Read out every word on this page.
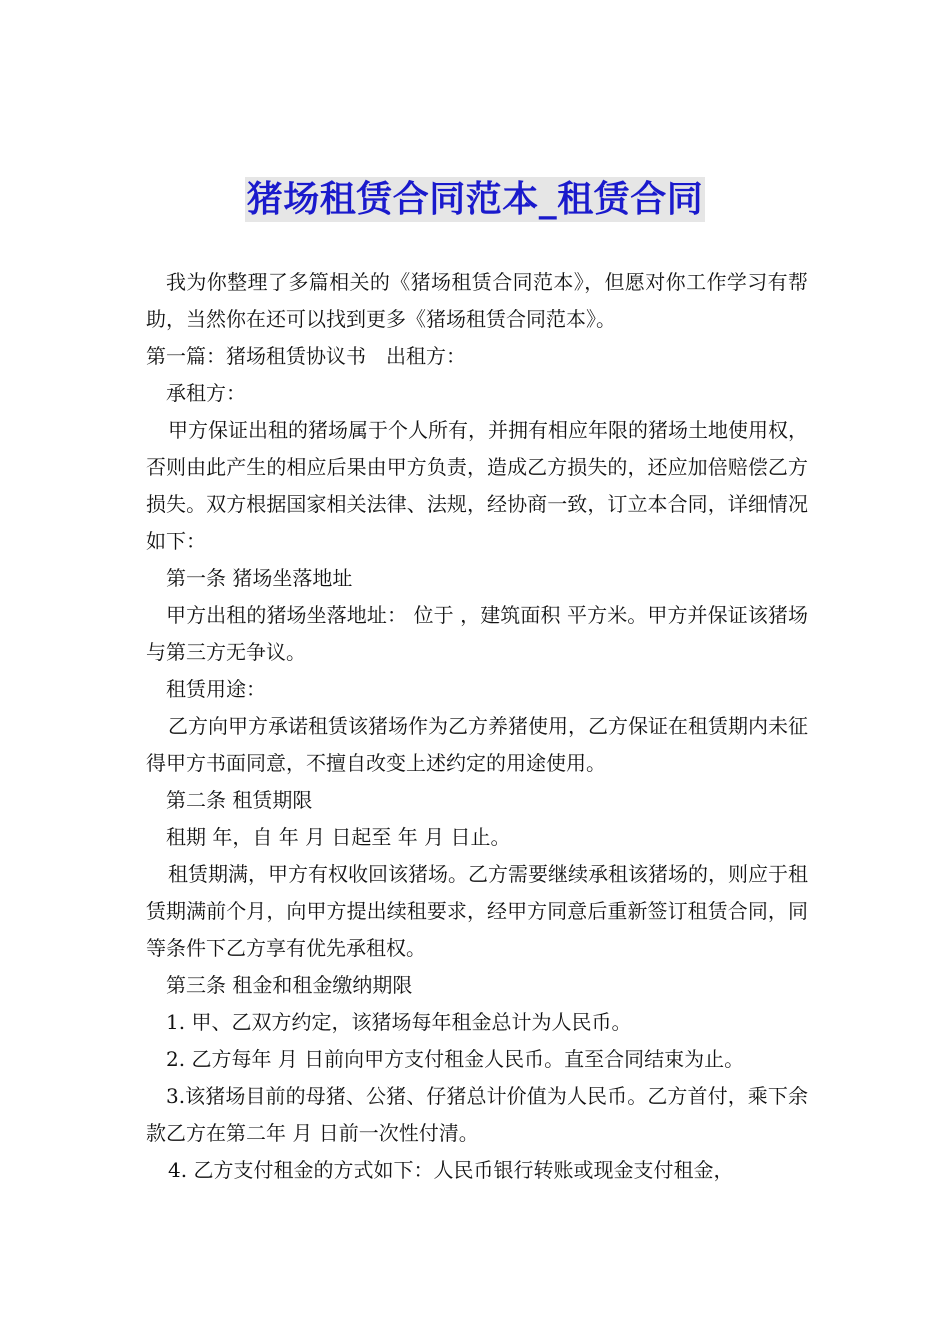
猪场租赁合同范本_租赁合同

我为你整理了多篇相关的《猪场租赁合同范本》，但愿对你工作学习有帮助，当然你在还可以找到更多《猪场租赁合同范本》。

第一篇：猪场租赁协议书　出租方：

承租方：

甲方保证出租的猪场属于个人所有，并拥有相应年限的猪场土地使用权，否则由此产生的相应后果由甲方负责，造成乙方损失的，还应加倍赔偿乙方损失。双方根据国家相关法律、法规，经协商一致，订立本合同，详细情况如下：

第一条 猪场坐落地址

甲方出租的猪场坐落地址： 位于 ，建筑面积 平方米。甲方并保证该猪场与第三方无争议。

租赁用途：

乙方向甲方承诺租赁该猪场作为乙方养猪使用，乙方保证在租赁期内未征得甲方书面同意，不擅自改变上述约定的用途使用。

第二条 租赁期限

租期 年，自 年 月 日起至 年 月 日止。

租赁期满，甲方有权收回该猪场。乙方需要继续承租该猪场的，则应于租赁期满前个月，向甲方提出续租要求，经甲方同意后重新签订租赁合同，同等条件下乙方享有优先承租权。

第三条 租金和租金缴纳期限

1. 甲、乙双方约定，该猪场每年租金总计为人民币。

2. 乙方每年 月 日前向甲方支付租金人民币。直至合同结束为止。

3.该猪场目前的母猪、公猪、仔猪总计价值为人民币。乙方首付，乘下余款乙方在第二年 月 日前一次性付清。

4. 乙方支付租金的方式如下：人民币银行转账或现金支付租金，
